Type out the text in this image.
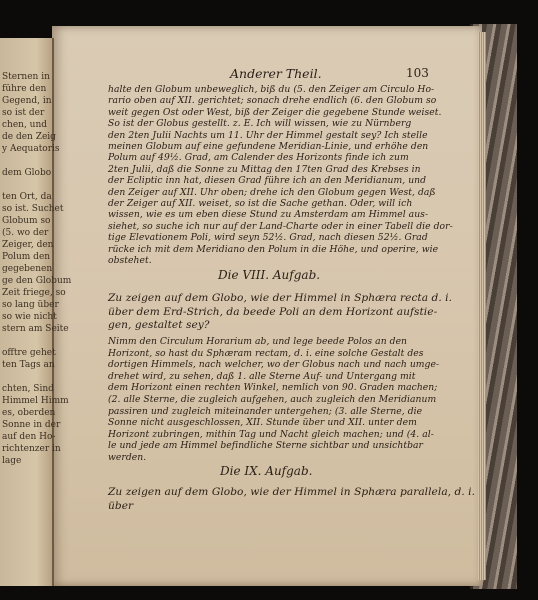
Sternen in
führe den
Gegend, in
so ist der
chen, und
de den Zeig
y Aequatoris
dem Globo
ten Ort, da
so ist. Suchet
Globum so
(5. wo der
Zeiger, den
Polum den
gegebenen
ge den Globum
Zeit friege, so
so lang über
so wie nicht
stern am Seite
offtre gehet
ten Tags an
chten, Sind
Himmel Himm
es, oberden
Sonne in der
auf den Ho-
richtenzer in
lage
Anderer Theil.	103
halte den Globum unbeweglich, biß du (5. den Zeiger am Circulo Ho-
rario oben auf XII. gerichtet; sonach drehe endlich (6. den Globum so
weit gegen Ost oder West, biß der Zeiger die gegebene Stunde weiset.
So ist der Globus gestellt. z. E. Ich will wissen, wie zu Nürnberg
den 2ten Julii Nachts um 11. Uhr der Himmel gestalt sey? Ich stelle
meinen Globum auf eine gefundene Meridian-Linie, und erhöhe den
Polum auf 49½. Grad, am Calender des Horizonts finde ich zum
2ten Julii, daß die Sonne zu Mittag den 17ten Grad des Krebses in
der Ecliptic inn hat, diesen Grad führe ich an den Meridianum, und
den Zeiger auf XII. Uhr oben; drehe ich den Globum gegen West, daß
der Zeiger auf XII. weiset, so ist die Sache gethan. Oder, will ich
wissen, wie es um eben diese Stund zu Amsterdam am Himmel aus-
siehet, so suche ich nur auf der Land-Charte oder in einer Tabell die dor-
tige Elevationem Poli, wird seyn 52½. Grad, nach diesen 52½. Grad
rücke ich mit dem Meridiano den Polum in die Höhe, und operire, wie
obstehet.
Die VIII. Aufgab.
Zu zeigen auf dem Globo, wie der Himmel in Sphæra recta d. i.
über dem Erd-Strich, da beede Poli an dem Horizont aufstie-
gen, gestaltet sey?
Nimm den Circulum Horarium ab, und lege beede Polos an den
Horizont, so hast du Sphæram rectam, d. i. eine solche Gestalt des
dortigen Himmels, nach welcher, wo der Globus nach und nach umge-
drehet wird, zu sehen, daß 1. alle Sterne Auf- und Untergang mit
dem Horizont einen rechten Winkel, nemlich von 90. Graden machen;
(2. alle Sterne, die zugleich aufgehen, auch zugleich den Meridianum
passiren und zugleich miteinander untergehen; (3. alle Sterne, die
Sonne nicht ausgeschlossen, XII. Stunde über und XII. unter dem
Horizont zubringen, mithin Tag und Nacht gleich machen; und (4. al-
le und jede am Himmel befindliche Sterne sichtbar und unsichtbar
werden.
Die IX. Aufgab.
Zu zeigen auf dem Globo, wie der Himmel in Sphæra parallela, d. i.
über
